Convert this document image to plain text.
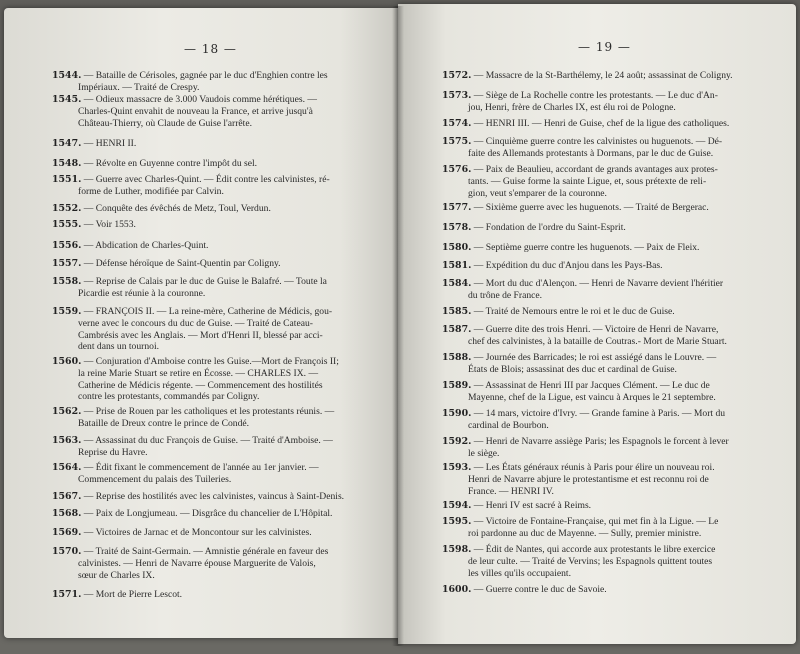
— 18 —
1544. — Bataille de Cérisoles, gagnée par le duc d'Enghien contre les
Impériaux. — Traité de Crespy.
1545. — Odieux massacre de 3.000 Vaudois comme hérétiques. —
Charles-Quint envahit de nouveau la France, et arrive jusqu'à
Château-Thierry, où Claude de Guise l'arrête.
1547. — HENRI II.
1548. — Révolte en Guyenne contre l'impôt du sel.
1551. — Guerre avec Charles-Quint. — Édit contre les calvinistes, ré-
forme de Luther, modifiée par Calvin.
1552. — Conquête des évêchés de Metz, Toul, Verdun.
1555. — Voir 1553.
1556. — Abdication de Charles-Quint.
1557. — Défense héroïque de Saint-Quentin par Coligny.
1558. — Reprise de Calais par le duc de Guise le Balafré. — Toute la
Picardie est réunie à la couronne.
1559. — FRANÇOIS II. — La reine-mère, Catherine de Médicis, gou-
verne avec le concours du duc de Guise. — Traité de Cateau-
Cambrésis avec les Anglais. — Mort d'Henri II, blessé par acci-
dent dans un tournoi.
1560. — Conjuration d'Amboise contre les Guise.—Mort de François II;
la reine Marie Stuart se retire en Écosse. — CHARLES IX. —
Catherine de Médicis régente. — Commencement des hostilités
contre les protestants, commandés par Coligny.
1562. — Prise de Rouen par les catholiques et les protestants réunis. —
Bataille de Dreux contre le prince de Condé.
1563. — Assassinat du duc François de Guise. — Traité d'Amboise. —
Reprise du Havre.
1564. — Édit fixant le commencement de l'année au 1er janvier. —
Commencement du palais des Tuileries.
1567. — Reprise des hostilités avec les calvinistes, vaincus à Saint-Denis.
1568. — Paix de Longjumeau. — Disgrâce du chancelier de L'Hôpital.
1569. — Victoires de Jarnac et de Moncontour sur les calvinistes.
1570. — Traité de Saint-Germain. — Amnistie générale en faveur des
calvinistes. — Henri de Navarre épouse Marguerite de Valois,
sœur de Charles IX.
1571. — Mort de Pierre Lescot.
— 19 —
1572. — Massacre de la St-Barthélemy, le 24 août; assassinat de Coligny.
1573. — Siège de La Rochelle contre les protestants. — Le duc d'An-
jou, Henri, frère de Charles IX, est élu roi de Pologne.
1574. — HENRI III. — Henri de Guise, chef de la ligue des catholiques.
1575. — Cinquième guerre contre les calvinistes ou huguenots. — Dé-
faite des Allemands protestants à Dormans, par le duc de Guise.
1576. — Paix de Beaulieu, accordant de grands avantages aux protes-
tants. — Guise forme la sainte Ligue, et, sous prétexte de reli-
gion, veut s'emparer de la couronne.
1577. — Sixième guerre avec les huguenots. — Traité de Bergerac.
1578. — Fondation de l'ordre du Saint-Esprit.
1580. — Septième guerre contre les huguenots. — Paix de Fleix.
1581. — Expédition du duc d'Anjou dans les Pays-Bas.
1584. — Mort du duc d'Alençon. — Henri de Navarre devient l'héritier
du trône de France.
1585. — Traité de Nemours entre le roi et le duc de Guise.
1587. — Guerre dite des trois Henri. — Victoire de Henri de Navarre,
chef des calvinistes, à la bataille de Coutras.- Mort de Marie Stuart.
1588. — Journée des Barricades; le roi est assiégé dans le Louvre. —
États de Blois; assassinat des duc et cardinal de Guise.
1589. — Assassinat de Henri III par Jacques Clément. — Le duc de
Mayenne, chef de la Ligue, est vaincu à Arques le 21 septembre.
1590. — 14 mars, victoire d'Ivry. — Grande famine à Paris. — Mort du
cardinal de Bourbon.
1592. — Henri de Navarre assiège Paris; les Espagnols le forcent à lever
le siège.
1593. — Les États généraux réunis à Paris pour élire un nouveau roi.
Henri de Navarre abjure le protestantisme et est reconnu roi de
France. — HENRI IV.
1594. — Henri IV est sacré à Reims.
1595. — Victoire de Fontaine-Française, qui met fin à la Ligue. — Le
roi pardonne au duc de Mayenne. — Sully, premier ministre.
1598. — Édit de Nantes, qui accorde aux protestants le libre exercice
de leur culte. — Traité de Vervins; les Espagnols quittent toutes
les villes qu'ils occupaient.
1600. — Guerre contre le duc de Savoie.
